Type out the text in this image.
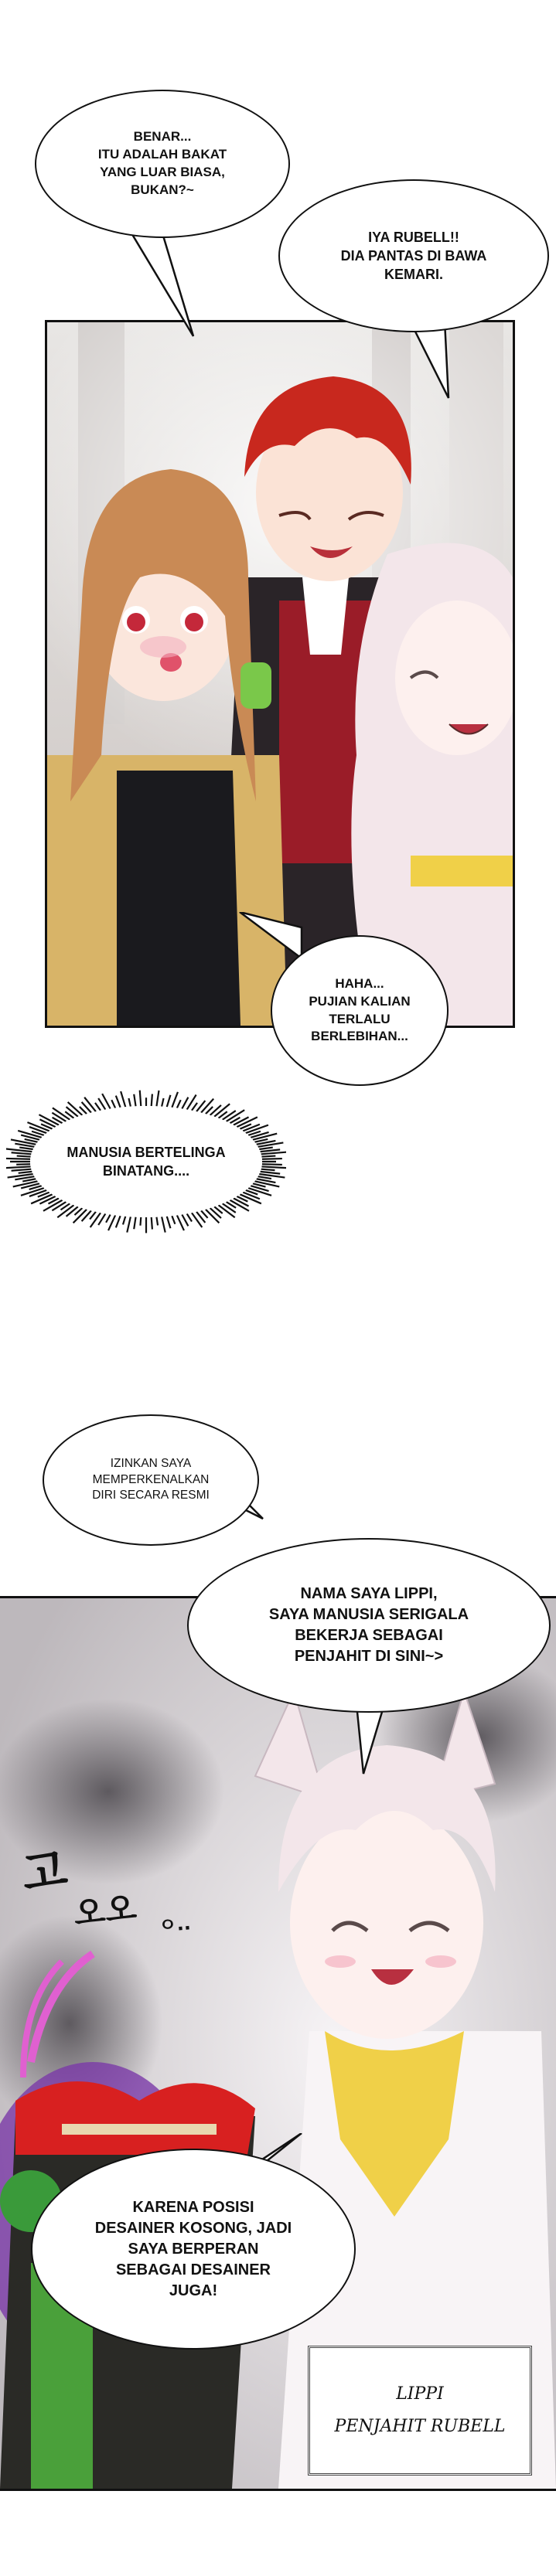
BENAR...
ITU ADALAH BAKAT
YANG LUAR BIASA,
BUKAN?~
IYA RUBELL!!
DIA PANTAS DI BAWA
KEMARI.
HAHA...
PUJIAN KALIAN
TERLALU
BERLEBIHAN...
MANUSIA BERTELINGA
BINATANG....
IZINKAN SAYA
MEMPERKENALKAN
DIRI SECARA RESMI
NAMA SAYA LIPPI,
SAYA MANUSIA SERIGALA
BEKERJA SEBAGAI
PENJAHIT DI SINI~>
고
오오 ㅇ..
KARENA POSISI
DESAINER KOSONG, JADI
SAYA BERPERAN
SEBAGAI DESAINER
JUGA!
LIPPI
PENJAHIT RUBELL
